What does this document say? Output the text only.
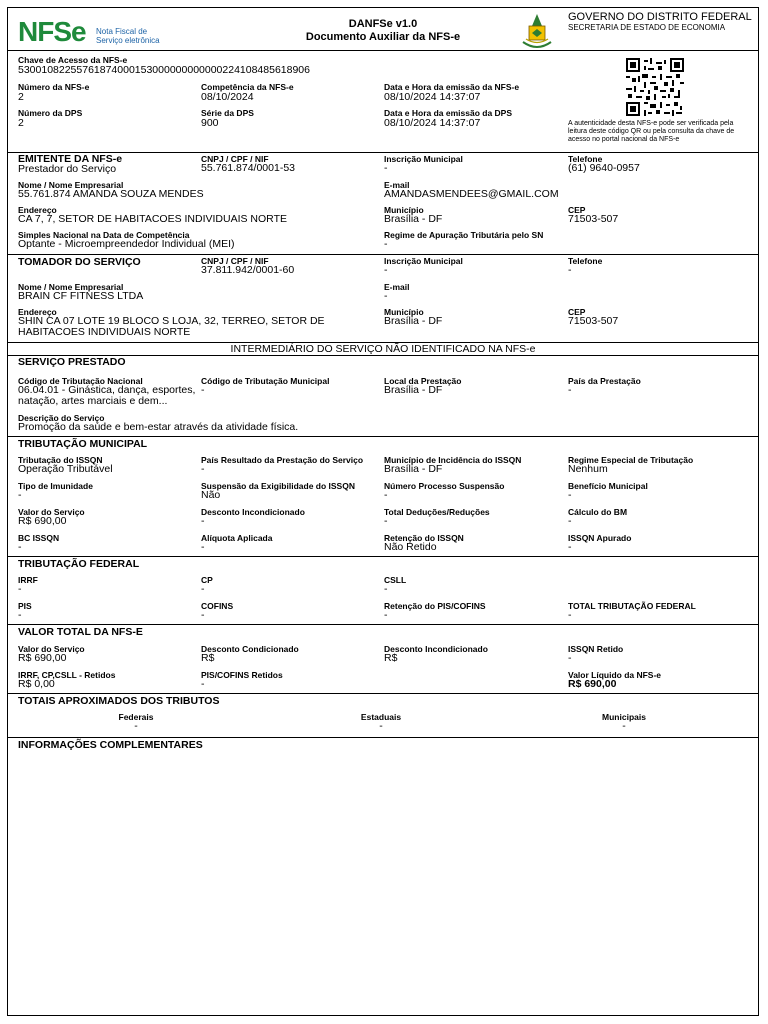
NFSe Nota Fiscal de
Serviço eletrônica
DANFSe v1.0
Documento Auxiliar da NFS-e
GOVERNO DO DISTRITO FEDERAL
SECRETARIA DE ESTADO DE ECONOMIA
Chave de Acesso da NFS-e
53001082255761874000153000000000000224108485618906
Número da NFS-e
2
Competência da NFS-e
08/10/2024
Data e Hora da emissão da NFS-e
08/10/2024 14:37:07
Número da DPS
2
Série da DPS
900
Data e Hora da emissão da DPS
08/10/2024 14:37:07	A autenticidade desta NFS-e pode ser verificada pela leitura deste código QR ou pela consulta da chave de acesso no portal nacional da NFS-e
EMITENTE DA NFS-e
Prestador do Serviço
CNPJ / CPF / NIF
55.761.874/0001-53
Inscrição Municipal
-
Telefone
(61) 9640-0957
Nome / Nome Empresarial
55.761.874 AMANDA SOUZA MENDES
E-mail
AMANDASMENDEES@GMAIL.COM
Endereço
CA 7, 7, SETOR DE HABITACOES INDIVIDUAIS NORTE
Município
Brasília - DF
CEP
71503-507
Simples Nacional na Data de Competência
Optante - Microempreendedor Individual (MEI)
Regime de Apuração Tributária pelo SN
-
TOMADOR DO SERVIÇO	CNPJ / CPF / NIF
37.811.942/0001-60
Inscrição Municipal
-
Telefone
-
Nome / Nome Empresarial
BRAIN CF FITNESS LTDA
E-mail
-
Endereço
SHIN CA 07 LOTE 19 BLOCO S LOJA, 32, TERREO, SETOR DE
HABITACOES INDIVIDUAIS NORTE
Município
Brasília - DF
CEP
71503-507
INTERMEDIÁRIO DO SERVIÇO NÃO IDENTIFICADO NA NFS-e
SERVIÇO PRESTADO
Código de Tributação Nacional
06.04.01 - Ginástica, dança, esportes,
natação, artes marciais e dem...
Código de Tributação Municipal
-
Local da Prestação
Brasília - DF
País da Prestação
-
Descrição do Serviço
Promoção da saúde e bem-estar através da atividade física.
TRIBUTAÇÃO MUNICIPAL
Tributação do ISSQN
Operação Tributável
País Resultado da Prestação do Serviço
-
Município de Incidência do ISSQN
Brasília - DF
Regime Especial de Tributação
Nenhum
Tipo de Imunidade
-
Suspensão da Exigibilidade do ISSQN
Não
Número Processo Suspensão
-
Benefício Municipal
-
Valor do Serviço
R$ 690,00
Desconto Incondicionado
-
Total Deduções/Reduções
-
Cálculo do BM
-
BC ISSQN
-
Alíquota Aplicada
-
Retenção do ISSQN
Não Retido
ISSQN Apurado
-
TRIBUTAÇÃO FEDERAL
IRRF
-
CP
-
CSLL
-
PIS
-
COFINS
-
Retenção do PIS/COFINS
-
TOTAL TRIBUTAÇÃO FEDERAL
-
VALOR TOTAL DA NFS-E
Valor do Serviço
R$ 690,00
Desconto Condicionado
R$
Desconto Incondicionado
R$
ISSQN Retido
-
IRRF, CP,CSLL - Retidos
R$ 0,00
PIS/COFINS Retidos
-
Valor Líquido da NFS-e
R$ 690,00
TOTAIS APROXIMADOS DOS TRIBUTOS
Federais
-
Estaduais
-
Municipais
-
INFORMAÇÕES COMPLEMENTARES
